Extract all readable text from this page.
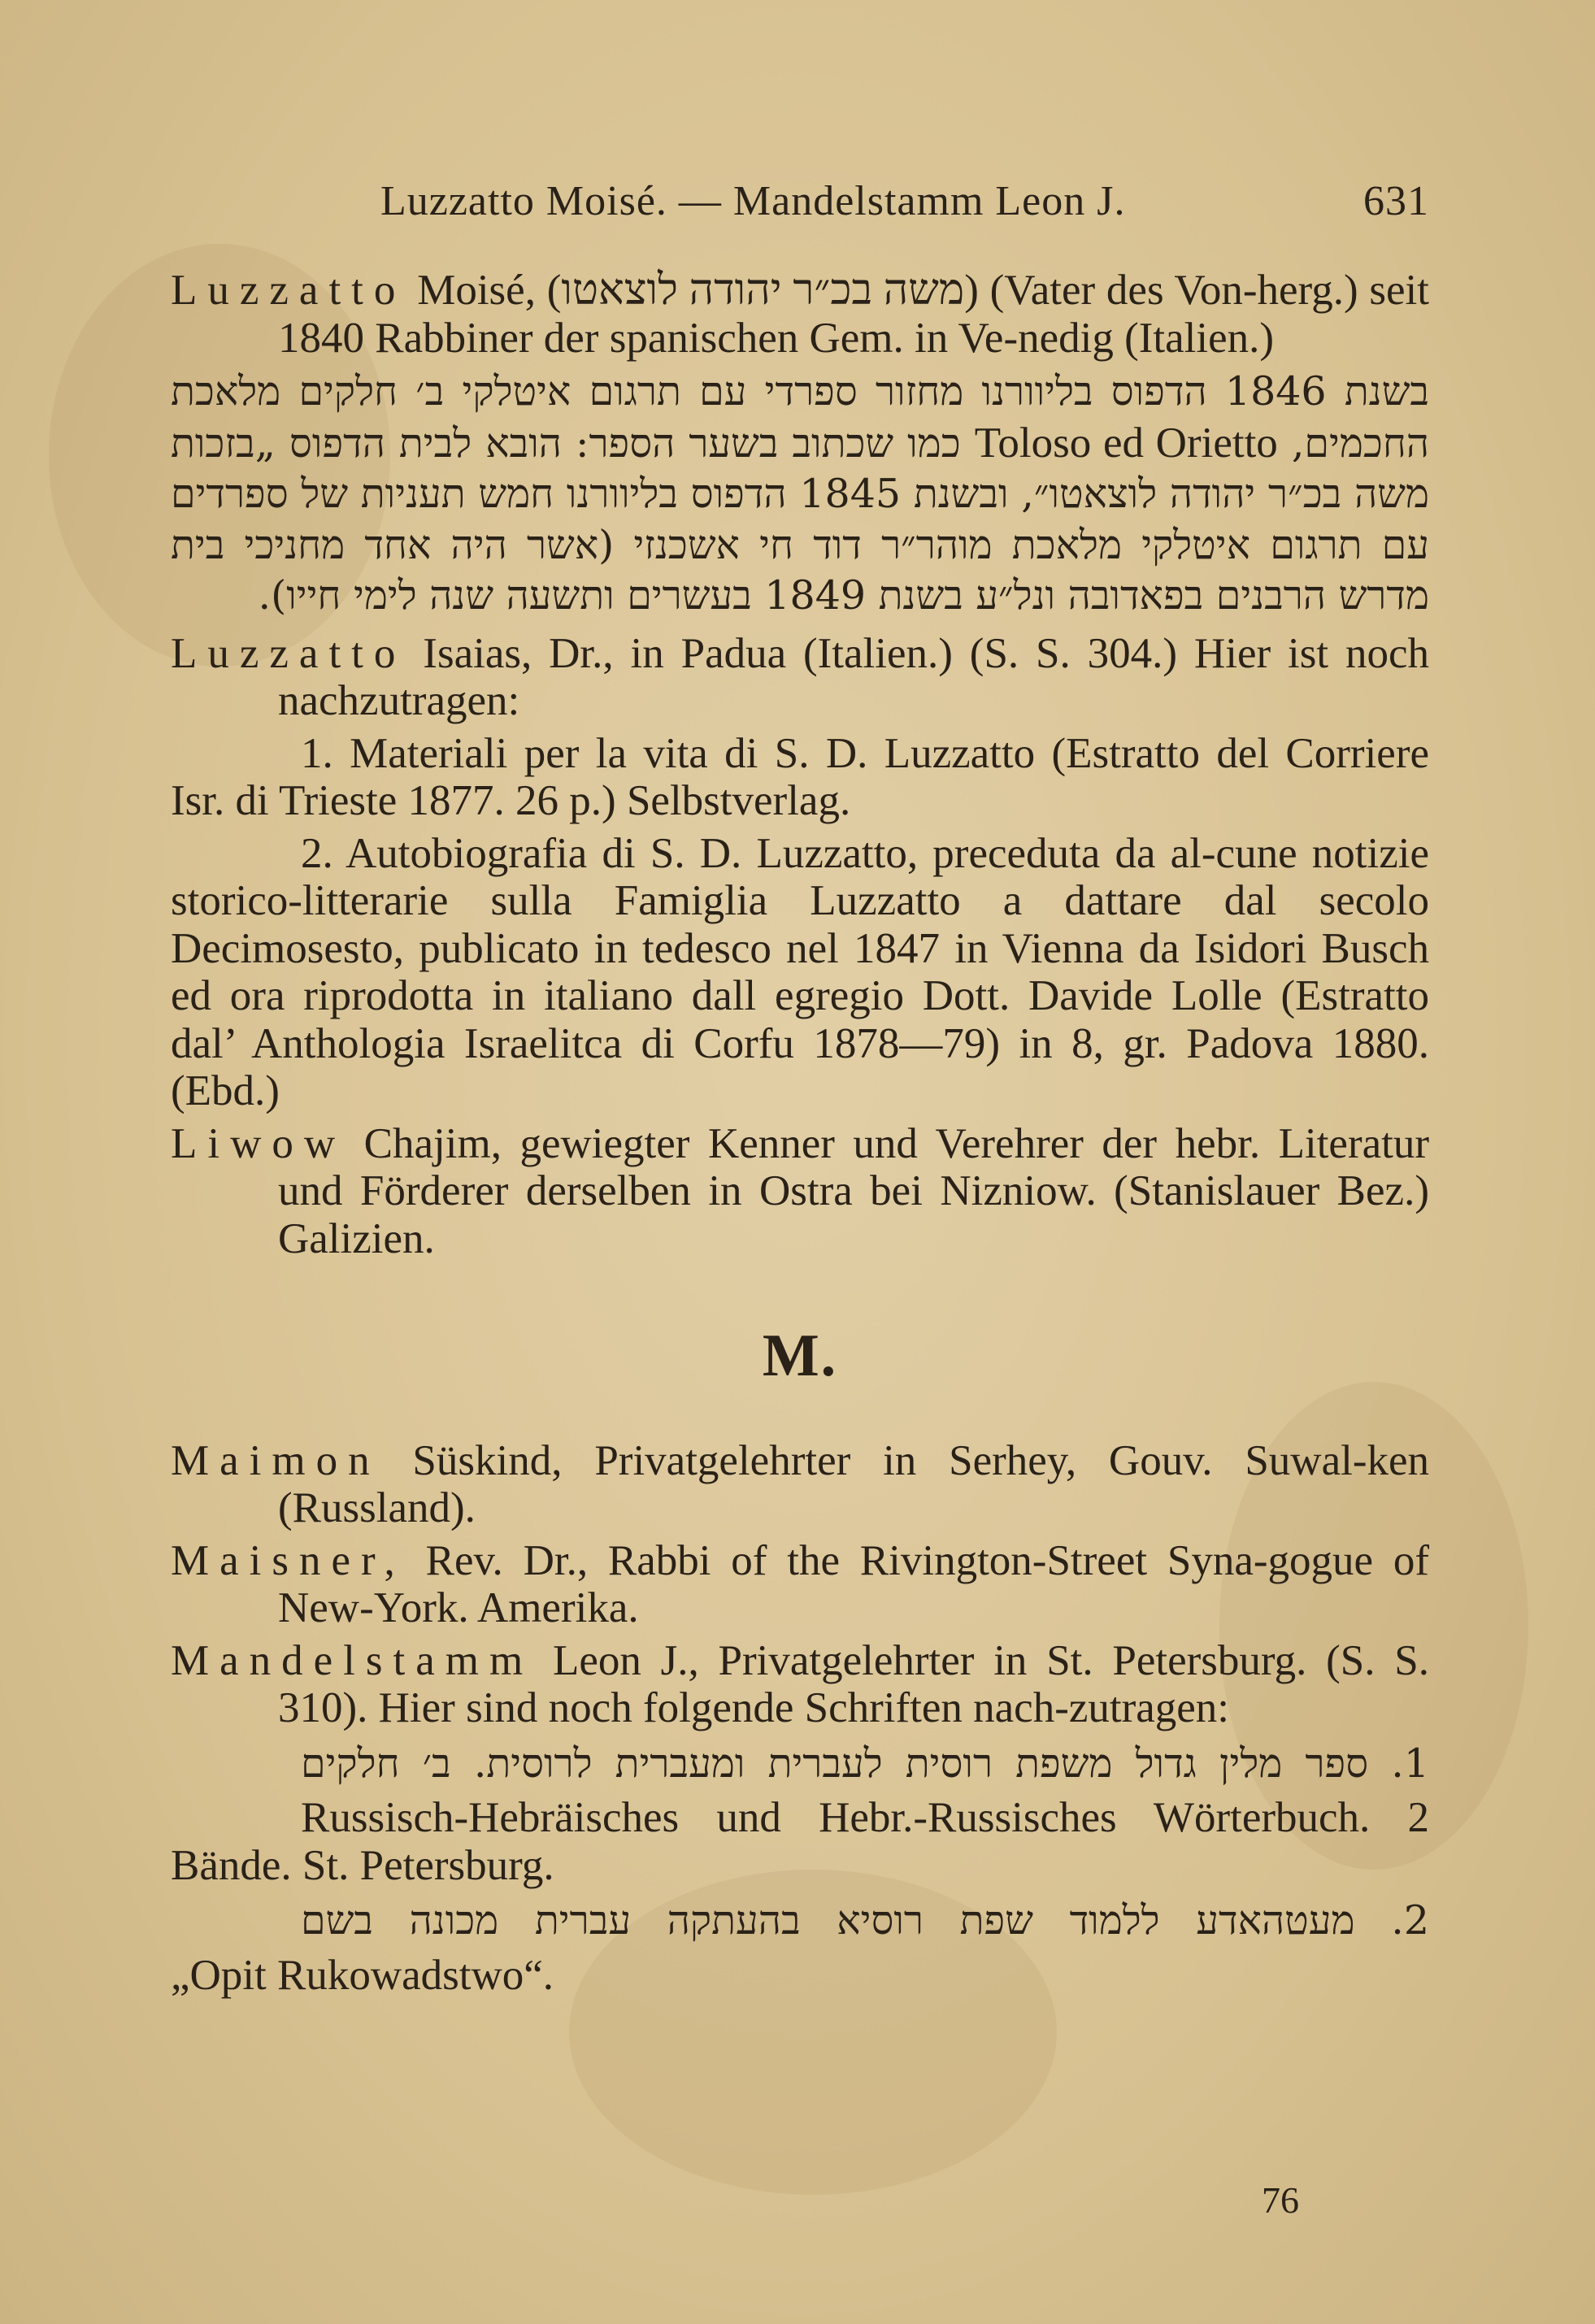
Luzzatto Moisé. — Mandelstamm Leon J.	631

Luzzatto Moisé, (משה בכ״ר יהודה לוצאטו) (Vater des Von-herg.) seit 1840 Rabbiner der spanischen Gem. in Ve-nedig (Italien.)

בשנת 1846 הדפוס בליוורנו מחזור ספרדי עם תרגום איטלקי ב׳ חלקים מלאכת החכמים, Toloso ed Orietto כמו שכתוב בשער הספר: הובא לבית הדפוס „בזכות משה בכ״ר יהודה לוצאטו״, ובשנת 1845 הדפוס בליוורנו חמש תעניות של ספרדים עם תרגום איטלקי מלאכת מוהר״ר דוד חי אשכנזי (אשר היה אחד מחניכי בית מדרש הרבנים בפאדובה ונל״ע בשנת 1849 בעשרים ותשעה שנה לימי חייו).

Luzzatto Isaias, Dr., in Padua (Italien.) (S. S. 304.) Hier ist noch nachzutragen:

1. Materiali per la vita di S. D. Luzzatto (Estratto del Corriere Isr. di Trieste 1877. 26 p.) Selbstverlag.

2. Autobiografia di S. D. Luzzatto, preceduta da al-cune notizie storico-litterarie sulla Famiglia Luzzatto a dattare dal secolo Decimosesto, publicato in tedesco nel 1847 in Vienna da Isidori Busch ed ora riprodotta in italiano dall egregio Dott. Davide Lolle (Estratto dal’ Anthologia Israelitca di Corfu 1878—79) in 8, gr. Padova 1880. (Ebd.)

Liwow Chajim, gewiegter Kenner und Verehrer der hebr. Literatur und Förderer derselben in Ostra bei Nizniow. (Stanislauer Bez.) Galizien.

M.

Maimon Süskind, Privatgelehrter in Serhey, Gouv. Suwal-ken (Russland).

Maisner, Rev. Dr., Rabbi of the Rivington-Street Syna-gogue of New-York. Amerika.

Mandelstamm Leon J., Privatgelehrter in St. Petersburg. (S. S. 310). Hier sind noch folgende Schriften nach-zutragen:

1. ספר מלין גדול משפת רוסית לעברית ומעברית לרוסית. ב׳ חלקים

Russisch-Hebräisches und Hebr.-Russisches Wörterbuch. 2 Bände. St. Petersburg.

2. מעטהאדע ללמוד שפת רוסיא בהעתקה עברית מכונה בשם

„Opit Rukowadstwo“.

76
